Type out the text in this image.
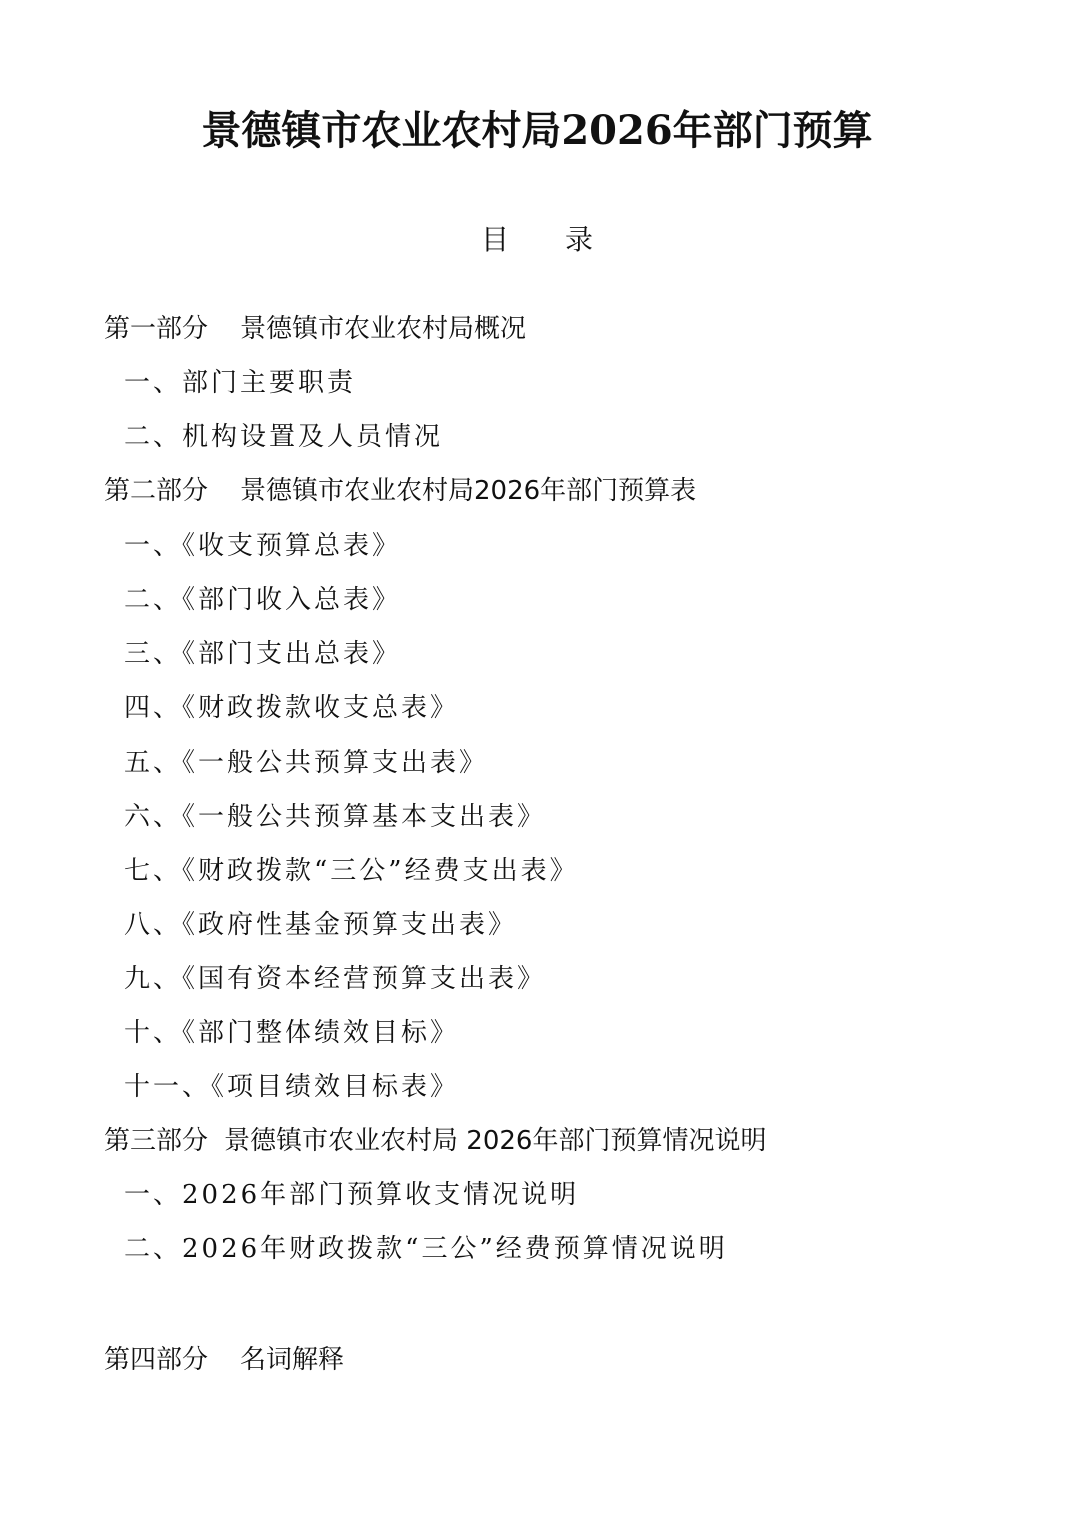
景德镇市农业农村局2026年部门预算
目 录
第一部分 景德镇市农业农村局概况
一、部门主要职责
二、机构设置及人员情况
第二部分 景德镇市农业农村局2026年部门预算表
一、《收支预算总表》
二、《部门收入总表》
三、《部门支出总表》
四、《财政拨款收支总表》
五、《一般公共预算支出表》
六、《一般公共预算基本支出表》
七、《财政拨款“三公”经费支出表》
八、《政府性基金预算支出表》
九、《国有资本经营预算支出表》
十、《部门整体绩效目标》
十一、《项目绩效目标表》
第三部分 景德镇市农业农村局 2026年部门预算情况说明
一、2026年部门预算收支情况说明
二、2026年财政拨款“三公”经费预算情况说明
第四部分 名词解释
